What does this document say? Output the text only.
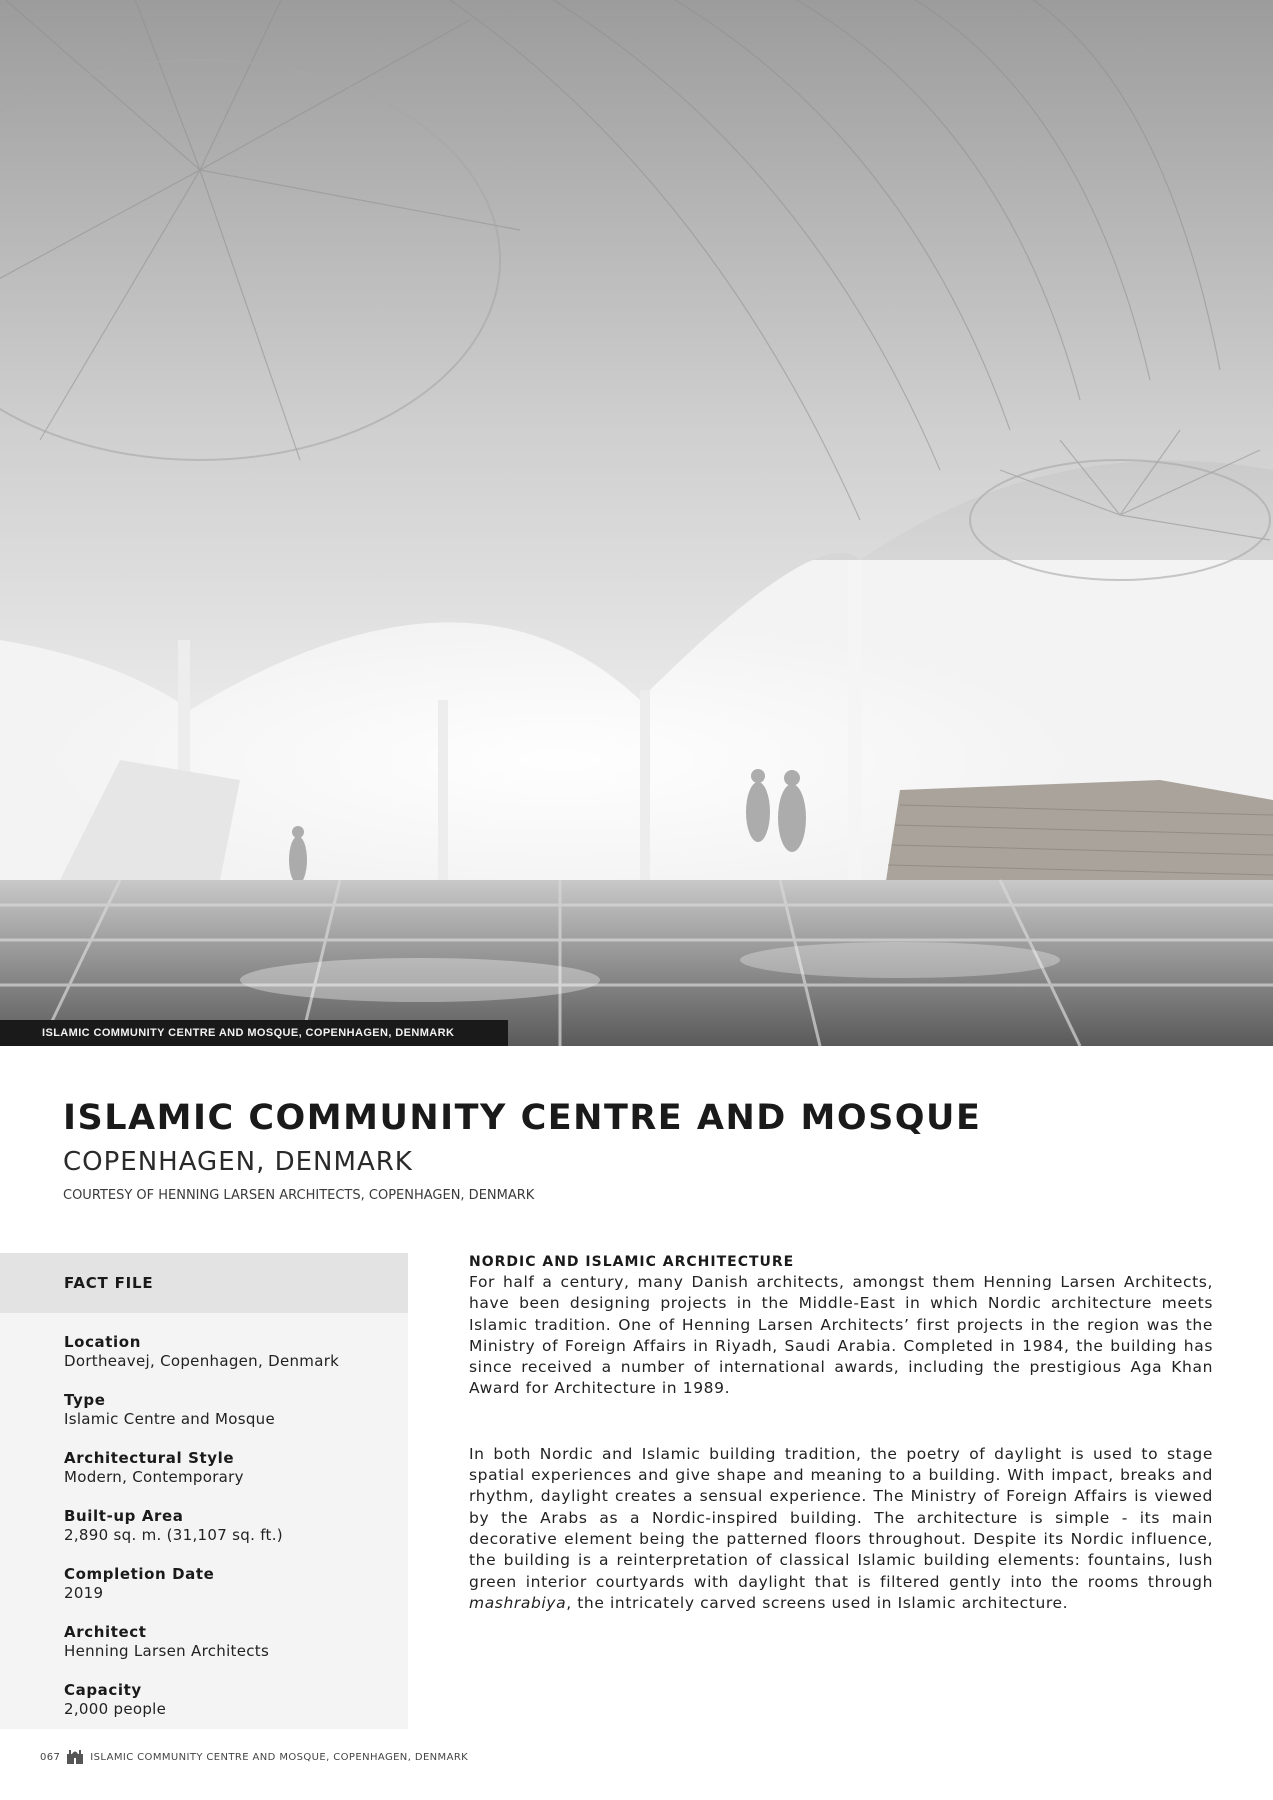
ISLAMIC COMMUNITY CENTRE AND MOSQUE, COPENHAGEN, DENMARK
ISLAMIC COMMUNITY CENTRE AND MOSQUE
COPENHAGEN, DENMARK

COURTESY OF HENNING LARSEN ARCHITECTS, COPENHAGEN, DENMARK

FACT FILE
Location
Dortheavej, Copenhagen, Denmark
Type
Islamic Centre and Mosque
Architectural Style
Modern, Contemporary
Built-up Area
2,890 sq. m. (31,107 sq. ft.)
Completion Date
2019
Architect
Henning Larsen Architects
Capacity
2,000 people

NORDIC AND ISLAMIC ARCHITECTURE

For half a century, many Danish architects, amongst them Henning Larsen Architects, have been designing projects in the Middle-East in which Nordic architecture meets Islamic tradition. One of Henning Larsen Architects’ first projects in the region was the Ministry of Foreign Affairs in Riyadh, Saudi Arabia. Completed in 1984, the building has since received a number of international awards, including the prestigious Aga Khan Award for Architecture in 1989.

In both Nordic and Islamic building tradition, the poetry of daylight is used to stage spatial experiences and give shape and meaning to a building. With impact, breaks and rhythm, daylight creates a sensual experience. The Ministry of Foreign Affairs is viewed by the Arabs as a Nordic-inspired building. The architecture is simple - its main decorative element being the patterned floors throughout. Despite its Nordic influence, the building is a reinterpretation of classical Islamic building elements: fountains, lush green interior courtyards with daylight that is filtered gently into the rooms through mashrabiya, the intricately carved screens used in Islamic architecture.

067	ISLAMIC COMMUNITY CENTRE AND MOSQUE, COPENHAGEN, DENMARK
